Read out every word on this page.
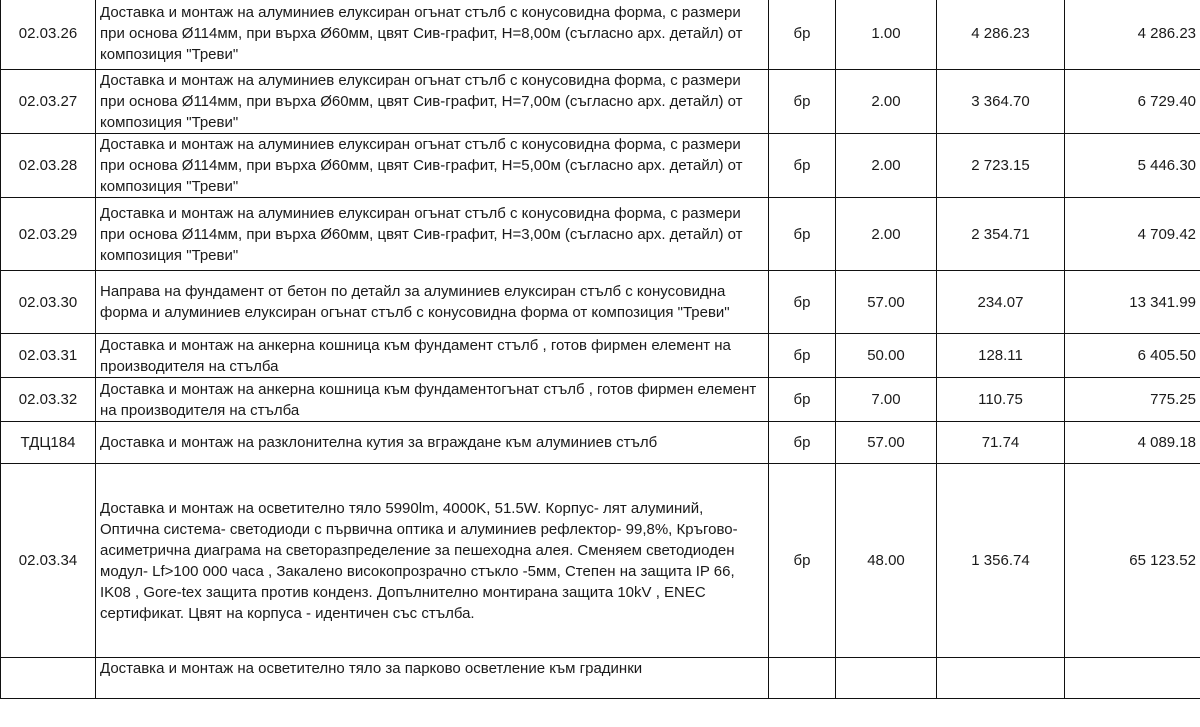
02.03.26	Доставка и монтаж на алуминиев елуксиран огънат стълб с конусовидна форма, с размери при основа Ø114мм, при върха Ø60мм, цвят Сив-графит, Н=8,00м (съгласно арх. детайл) от композиция "Треви"	бр	1.00	4 286.23	4 286.23
02.03.27	Доставка и монтаж на алуминиев елуксиран огънат стълб с конусовидна форма, с размери при основа Ø114мм, при върха Ø60мм, цвят Сив-графит, Н=7,00м (съгласно арх. детайл) от композиция "Треви"	бр	2.00	3 364.70	6 729.40
02.03.28	Доставка и монтаж на алуминиев елуксиран огънат стълб с конусовидна форма, с размери при основа Ø114мм, при върха Ø60мм, цвят Сив-графит, Н=5,00м (съгласно арх. детайл) от композиция "Треви"	бр	2.00	2 723.15	5 446.30
02.03.29	Доставка и монтаж на алуминиев елуксиран огънат стълб с конусовидна форма, с размери при основа Ø114мм, при върха Ø60мм, цвят Сив-графит, Н=3,00м (съгласно арх. детайл) от композиция "Треви"	бр	2.00	2 354.71	4 709.42
02.03.30	Направа на фундамент от бетон по детайл за алуминиев елуксиран стълб с конусовидна форма и алуминиев елуксиран огънат стълб с конусовидна форма от композиция "Треви"	бр	57.00	234.07	13 341.99
02.03.31	Доставка и монтаж на анкерна кошница към фундамент стълб , готов фирмен елемент на производителя на стълба	бр	50.00	128.11	6 405.50
02.03.32	Доставка и монтаж на анкерна кошница към фундаментогънат стълб , готов фирмен елемент на производителя на стълба	бр	7.00	110.75	775.25
ТДЦ184	Доставка и монтаж на разклонителна кутия за вграждане към алуминиев стълб	бр	57.00	71.74	4 089.18
02.03.34	Доставка и монтаж на осветително тяло 5990lm, 4000K, 51.5W. Корпус- лят алуминий, Оптична система- светодиоди с първична оптика и алуминиев рефлектор- 99,8%, Кръгово-асиметрична диаграма на светоразпределение за пешеходна алея. Сменяем светодиоден модул- Lf>100 000 часа , Закалено високопрозрачно стъкло -5мм, Степен на защита IP 66, IK08 , Gore-tex защита против конденз. Допълнително монтирана защита 10kV , ENEC сертификат. Цвят на корпуса - идентичен със стълба.	бр	48.00	1 356.74	65 123.52

	Доставка и монтаж на осветително тяло за парково осветление към градинки				
